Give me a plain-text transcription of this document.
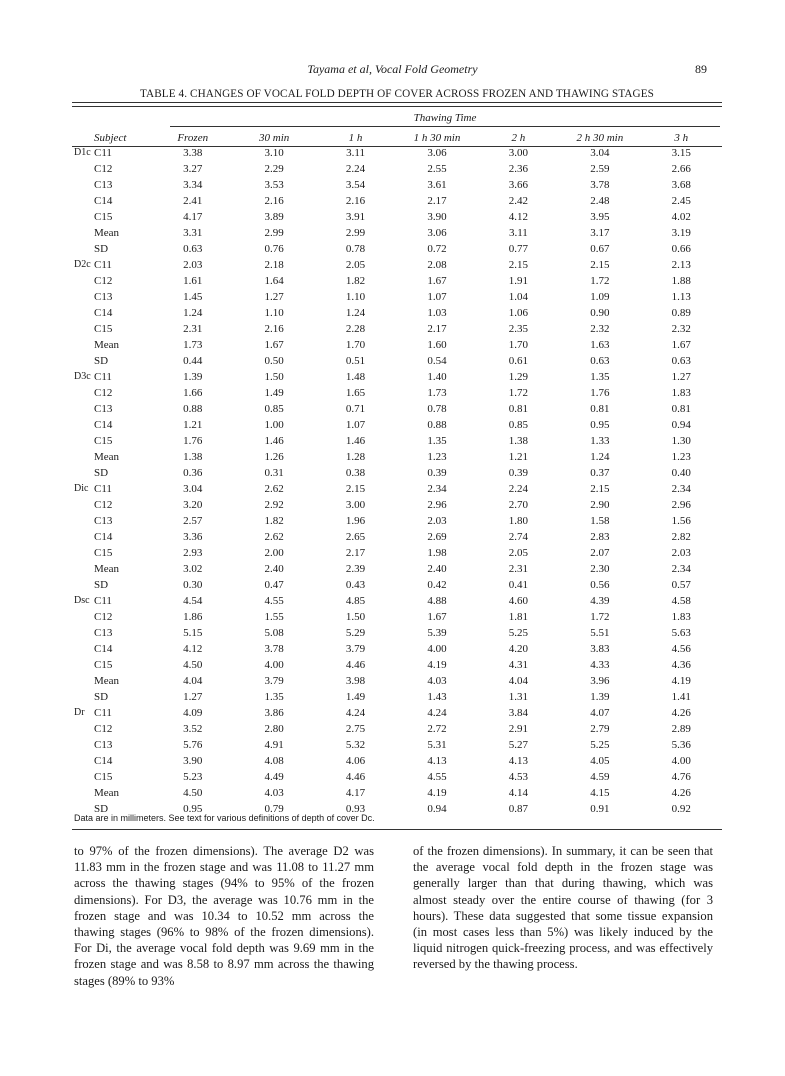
Tayama et al, Vocal Fold Geometry	89
TABLE 4. CHANGES OF VOCAL FOLD DEPTH OF COVER ACROSS FROZEN AND THAWING STAGES
Thawing Time
	Subject	Frozen	30 min	1 h	1 h 30 min	2 h	2 h 30 min	3 h
D1c	C11	3.38	3.10	3.11	3.06	3.00	3.04	3.15
	C12	3.27	2.29	2.24	2.55	2.36	2.59	2.66
	C13	3.34	3.53	3.54	3.61	3.66	3.78	3.68
	C14	2.41	2.16	2.16	2.17	2.42	2.48	2.45
	C15	4.17	3.89	3.91	3.90	4.12	3.95	4.02
	Mean	3.31	2.99	2.99	3.06	3.11	3.17	3.19
	SD	0.63	0.76	0.78	0.72	0.77	0.67	0.66
D2c	C11	2.03	2.18	2.05	2.08	2.15	2.15	2.13
	C12	1.61	1.64	1.82	1.67	1.91	1.72	1.88
	C13	1.45	1.27	1.10	1.07	1.04	1.09	1.13
	C14	1.24	1.10	1.24	1.03	1.06	0.90	0.89
	C15	2.31	2.16	2.28	2.17	2.35	2.32	2.32
	Mean	1.73	1.67	1.70	1.60	1.70	1.63	1.67
	SD	0.44	0.50	0.51	0.54	0.61	0.63	0.63
D3c	C11	1.39	1.50	1.48	1.40	1.29	1.35	1.27
	C12	1.66	1.49	1.65	1.73	1.72	1.76	1.83
	C13	0.88	0.85	0.71	0.78	0.81	0.81	0.81
	C14	1.21	1.00	1.07	0.88	0.85	0.95	0.94
	C15	1.76	1.46	1.46	1.35	1.38	1.33	1.30
	Mean	1.38	1.26	1.28	1.23	1.21	1.24	1.23
	SD	0.36	0.31	0.38	0.39	0.39	0.37	0.40
Dic	C11	3.04	2.62	2.15	2.34	2.24	2.15	2.34
	C12	3.20	2.92	3.00	2.96	2.70	2.90	2.96
	C13	2.57	1.82	1.96	2.03	1.80	1.58	1.56
	C14	3.36	2.62	2.65	2.69	2.74	2.83	2.82
	C15	2.93	2.00	2.17	1.98	2.05	2.07	2.03
	Mean	3.02	2.40	2.39	2.40	2.31	2.30	2.34
	SD	0.30	0.47	0.43	0.42	0.41	0.56	0.57
Dsc	C11	4.54	4.55	4.85	4.88	4.60	4.39	4.58
	C12	1.86	1.55	1.50	1.67	1.81	1.72	1.83
	C13	5.15	5.08	5.29	5.39	5.25	5.51	5.63
	C14	4.12	3.78	3.79	4.00	4.20	3.83	4.56
	C15	4.50	4.00	4.46	4.19	4.31	4.33	4.36
	Mean	4.04	3.79	3.98	4.03	4.04	3.96	4.19
	SD	1.27	1.35	1.49	1.43	1.31	1.39	1.41
Dr	C11	4.09	3.86	4.24	4.24	3.84	4.07	4.26
	C12	3.52	2.80	2.75	2.72	2.91	2.79	2.89
	C13	5.76	4.91	5.32	5.31	5.27	5.25	5.36
	C14	3.90	4.08	4.06	4.13	4.13	4.05	4.00
	C15	5.23	4.49	4.46	4.55	4.53	4.59	4.76
	Mean	4.50	4.03	4.17	4.19	4.14	4.15	4.26
	SD	0.95	0.79	0.93	0.94	0.87	0.91	0.92
Data are in millimeters. See text for various definitions of depth of cover Dc.
to 97% of the frozen dimensions). The average D2 was 11.83 mm in the frozen stage and was 11.08 to 11.27 mm across the thawing stages (94% to 95% of the frozen dimensions). For D3, the average was 10.76 mm in the frozen stage and was 10.34 to 10.52 mm across the thawing stages (96% to 98% of the frozen dimensions). For Di, the average vocal fold depth was 9.69 mm in the frozen stage and was 8.58 to 8.97 mm across the thawing stages (89% to 93%
of the frozen dimensions). In summary, it can be seen that the average vocal fold depth in the frozen stage was generally larger than that during thawing, which was almost steady over the entire course of thawing (for 3 hours). These data suggested that some tissue expansion (in most cases less than 5%) was likely induced by the liquid nitrogen quick-freezing process, and was effectively reversed by the thawing process.
